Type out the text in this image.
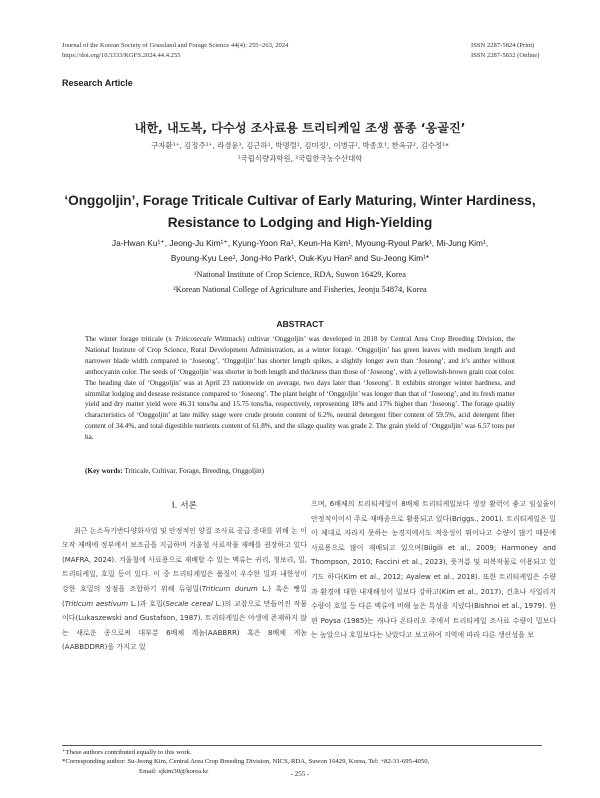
Journal of the Korean Society of Grassland and Forage Science 44(4): 255~263, 2024
https://doi.org/10.5333/KGFS.2024.44.4.255
ISSN 2287-5824 (Print)
ISSN 2287-5832 (Online)
Research Article
내한, 내도복, 다수성 조사료용 트리티케일 조생 품종 ‘옹골진’
구자환¹⁺, 김정주¹⁺, 라경윤¹, 김근하¹, 박명렬¹, 김미정¹, 이병규¹, 박종호¹, 한옥규², 김수정¹*
¹국립식량과학원, ²국립한국농수산대학
‘Onggoljin’, Forage Triticale Cultivar of Early Maturing, Winter Hardiness,
Resistance to Lodging and High-Yielding
Ja-Hwan Ku¹⁺, Jeong-Ju Kim¹⁺, Kyung-Yoon Ra¹, Keun-Ha Kim¹, Myoung-Ryoul Park¹, Mi-Jung Kim¹,
Byoung-Kyu Lee¹, Jong-Ho Park¹, Ouk-Kyu Han² and Su-Jeong Kim¹*
¹National Institute of Crop Science, RDA, Suwon 16429, Korea
²Korean National College of Agriculture and Fisheries, Jeonju 54874, Korea
ABSTRACT

The winter forage triticale (x Triticosecale Wittmack) cultivar ‘Onggoljin’ was developed in 2018 by Central Area Crop Breeding Division, the National Institute of Crop Science, Rural Development Administration, as a winter forage. ‘Onggoljin’ has green leaves with medium length and narrower blade width compared to ‘Joseong’. ‘Onggoljin’ has shorter length spikes, a slightly longer awn than ‘Joseong’, and it’s anther without anthocyanin color. The seeds of ‘Onggoljin’ was shorter in both length and thickness than those of ‘Joseong’, with a yellowish-brown grain coat color. The heading date of ‘Onggoljin’ was at April 23 nationwide on average, two days later than ‘Joseong’. It exhibits stronger winter hardness, and simmilar lodging and desease resistance compared to ‘Joseong’. The plant height of ‘Onggoljin’ was longer than that of ‘Joseong’, and its fresh matter yield and dry matter yield were 46.31 tons/ha and 15.75 tons/ha, respectively, representing 18% and 17% higher than ‘Joseong’. The forage quality characteristics of ‘Onggoljin’ at late milky stage were crude protein content of 6.2%, neutral detergent fiber content of 59.5%, acid detergent fiber content of 34.4%, and total digestible nutrients content of 61.8%, and the silage quality was grade 2. The grain yield of ‘Onggoljin’ was 6.57 tons per ha.

(Key words: Triticale, Cultivar, Forage, Breeding, Onggoljin)
Ⅰ. 서론

최근 논소득기반다양화사업 및 안정적인 양질 조사료 공급 증대를 위해 논 이모작 재배에 정부에서 보조금을 지급하며 겨울철 사료작물 재배를 권장하고 있다(MAFRA, 2024). 겨울철에 사료용으로 재배할 수 있는 맥류는 귀리, 청보리, 밀, 트리티케일, 호밀 등이 있다. 이 중 트리티케일은 품질이 우수한 밀과 내한성이 강한 호밀의 장점을 조합하기 위해 듀럼밀(Triticum durum L.) 혹은 빵밀(Triticum aestivum L.)과 호밀(Secale cereal L.)의 교잡으로 만들어진 작물이다(Lukaszewski and Gustafson, 1987). 트리티케일은 야생에 존재하지 않는 새로운 종으로써 대부분 6배체 계놈(AABBRR) 혹은 8배체 게놈(AABBDDRR)을 가지고 있

으며, 6배체의 트리티케일이 8배체 트리티케일보다 생장 활력이 좋고 임실율이 안정적이어서 주로 재배종으로 활용되고 있다(Briggs., 2001). 트리티케일은 밀이 제대로 자라지 못하는 농경지에서도 적응성이 뛰어나고 수량이 많기 때문에 사료용으로 많이 재배되고 있으며(Bilgili et al., 2009; Harmoney and Thompson, 2010; Faccini et al., 2023), 풋거름 및 피복작물로 이용되고 있기도 하다(Kim et al., 2012; Ayalew et al., 2018). 또한 트리티케일은 수량과 환경에 대한 내재해성이 밀보다 강하고(Kim et al., 2017), 건초나 사일리지 수량이 호밀 등 다른 맥류에 비해 높은 특성을 지녔다(Bishnoi et al., 1979). 한편 Poysa (1985)는 캐나다 온타리오 주에서 트리티케일 조사료 수량이 밀보다는 높았으나 호밀보다는 낮았다고 보고하여 지역에 따라 다른 생산성을 보

⁺These authors contributed equally to this work.
*Corresponding author: Su-Jeong Kim, Central Area Crop Breeding Division, NICS, RDA, Suwon 16429, Korea, Tel: +82-31-695-4050,
Email: sjkim30@korea.kr	- 255 -
